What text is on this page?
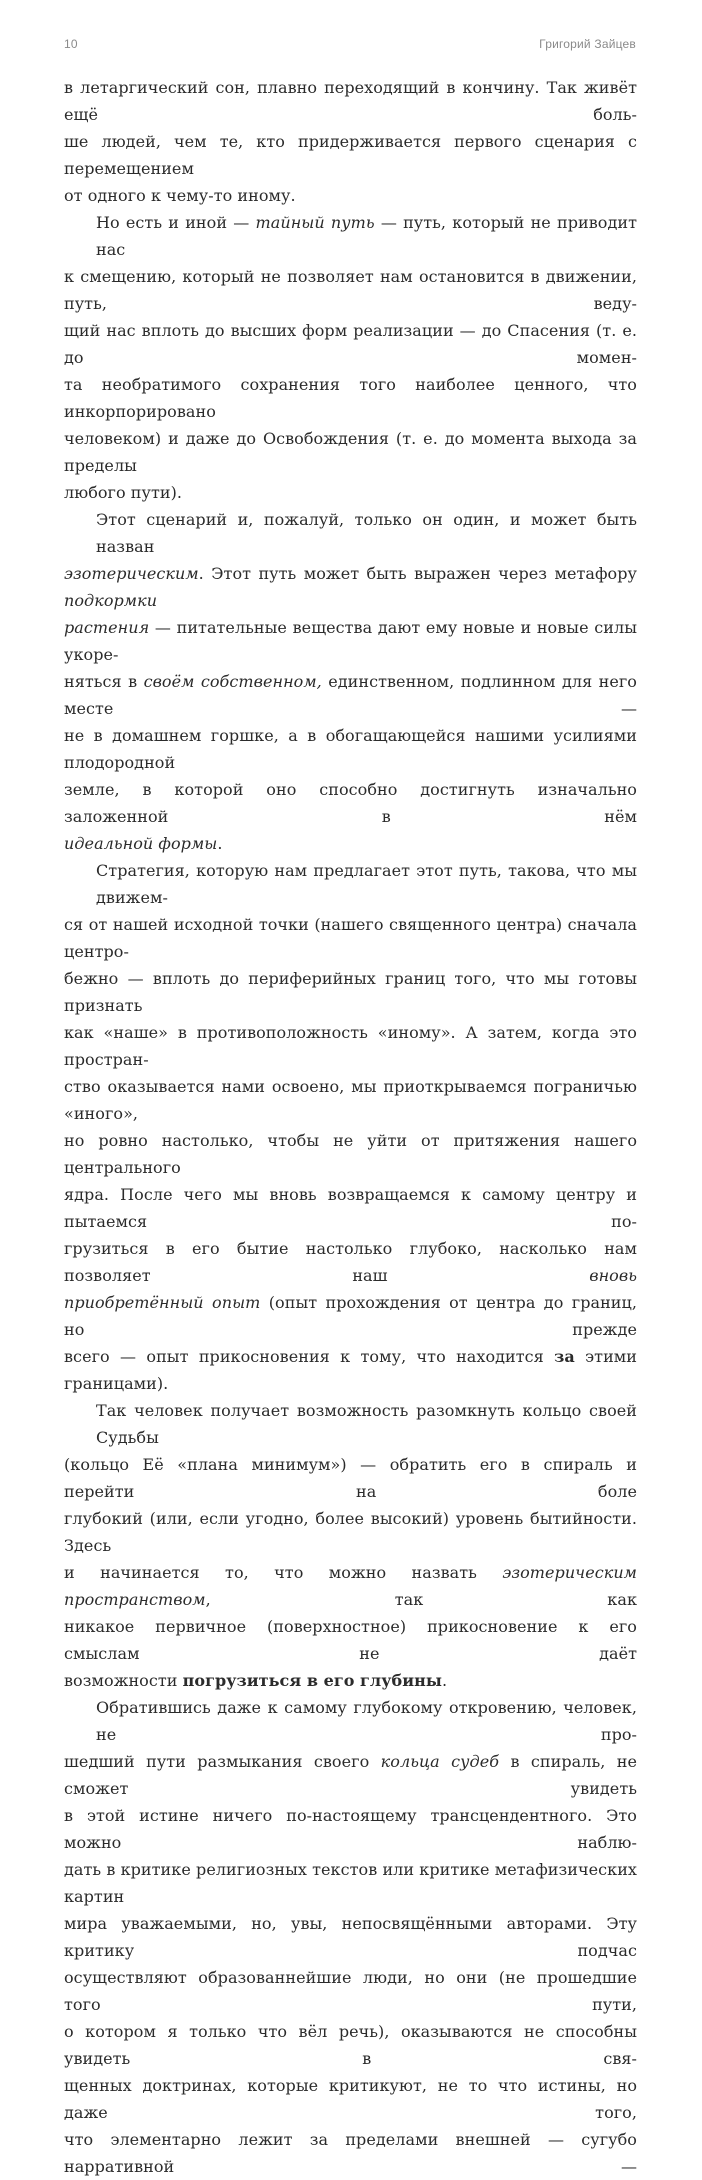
10	Григорий Зайцев
в летаргический сон, плавно переходящий в кончину. Так живёт ещё боль-
ше людей, чем те, кто придерживается первого сценария с перемещением
от одного к чему-то иному.
Но есть и иной — тайный путь — путь, который не приводит нас
к смещению, который не позволяет нам остановится в движении, путь, веду-
щий нас вплоть до высших форм реализации — до Спасения (т. е. до момен-
та необратимого сохранения того наиболее ценного, что инкорпорировано
человеком) и даже до Освобождения (т. е. до момента выхода за пределы
любого пути).
Этот сценарий и, пожалуй, только он один, и может быть назван
эзотерическим. Этот путь может быть выражен через метафору подкормки
растения — питательные вещества дают ему новые и новые силы укоре-
няться в своём собственном, единственном, подлинном для него месте —
не в домашнем горшке, а в обогащающейся нашими усилиями плодородной
земле, в которой оно способно достигнуть изначально заложенной в нём
идеальной формы.
Стратегия, которую нам предлагает этот путь, такова, что мы движем-
ся от нашей исходной точки (нашего священного центра) сначала центро-
бежно — вплоть до периферийных границ того, что мы готовы признать
как «наше» в противоположность «иному». А затем, когда это простран-
ство оказывается нами освоено, мы приоткрываемся пограничью «иного»,
но ровно настолько, чтобы не уйти от притяжения нашего центрального
ядра. После чего мы вновь возвращаемся к самому центру и пытаемся по-
грузиться в его бытие настолько глубоко, насколько нам позволяет наш вновь
приобретённый опыт (опыт прохождения от центра до границ, но прежде
всего — опыт прикосновения к тому, что находится за этими границами).
Так человек получает возможность разомкнуть кольцо своей Судьбы
(кольцо Её «плана минимум») — обратить его в спираль и перейти на боле
глубокий (или, если угодно, более высокий) уровень бытийности. Здесь
и начинается то, что можно назвать эзотерическим пространством, так как
никакое первичное (поверхностное) прикосновение к его смыслам не даёт
возможности погрузиться в его глубины.
Обратившись даже к самому глубокому откровению, человек, не про-
шедший пути размыкания своего кольца судеб в спираль, не сможет увидеть
в этой истине ничего по-настоящему трансцендентного. Это можно наблю-
дать в критике религиозных текстов или критике метафизических картин
мира уважаемыми, но, увы, непосвящёнными авторами. Эту критику подчас
осуществляют образованнейшие люди, но они (не прошедшие того пути,
о котором я только что вёл речь), оказываются не способны увидеть в свя-
щенных доктринах, которые критикуют, не то что истины, но даже того,
что элементарно лежит за пределами внешней — сугубо нарративной —
